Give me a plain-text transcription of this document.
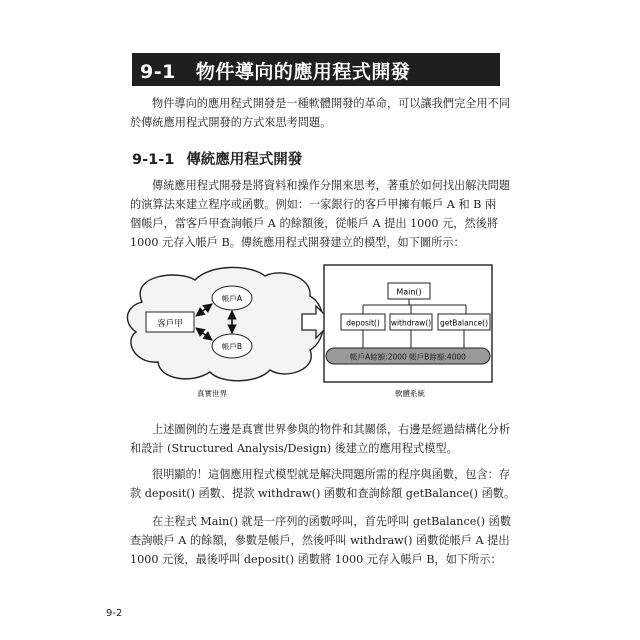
9-1 物件導向的應用程式開發
物件導向的應用程式開發是一種軟體開發的革命，可以讓我們完全用不同
於傳統應用程式開發的方式來思考問題。
9-1-1 傳統應用程式開發
傳統應用程式開發是將資料和操作分開來思考，著重於如何找出解決問題
的演算法來建立程序或函數。例如：一家銀行的客戶甲擁有帳戶 A 和 B 兩
個帳戶，當客戶甲查詢帳戶 A 的餘額後，從帳戶 A 提出 1000 元，然後將
1000 元存入帳戶 B。傳統應用程式開發建立的模型，如下圖所示：
客戶甲
帳戶A
帳戶B
真實世界
Main()
deposit() withdraw() getBalance()
帳戶A餘額:2000 帳戶B餘額:4000
軟體系統
上述圖例的左邊是真實世界參與的物件和其關係，右邊是經過結構化分析
和設計 (Structured Analysis/Design) 後建立的應用程式模型。
很明顯的！這個應用程式模型就是解決問題所需的程序與函數，包含：存
款 deposit() 函數、提款 withdraw() 函數和查詢餘額 getBalance() 函數。
在主程式 Main() 就是一序列的函數呼叫，首先呼叫 getBalance() 函數
查詢帳戶 A 的餘額，參數是帳戶，然後呼叫 withdraw() 函數從帳戶 A 提出
1000 元後，最後呼叫 deposit() 函數將 1000 元存入帳戶 B，如下所示：
9-2
